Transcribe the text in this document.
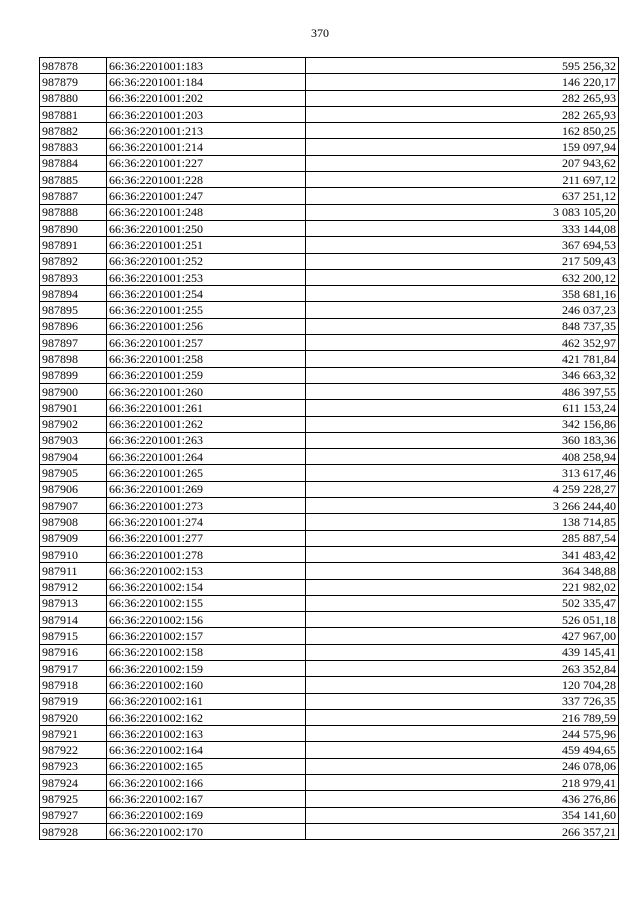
370
987878	66:36:2201001:183	595 256,32
987879	66:36:2201001:184	146 220,17
987880	66:36:2201001:202	282 265,93
987881	66:36:2201001:203	282 265,93
987882	66:36:2201001:213	162 850,25
987883	66:36:2201001:214	159 097,94
987884	66:36:2201001:227	207 943,62
987885	66:36:2201001:228	211 697,12
987887	66:36:2201001:247	637 251,12
987888	66:36:2201001:248	3 083 105,20
987890	66:36:2201001:250	333 144,08
987891	66:36:2201001:251	367 694,53
987892	66:36:2201001:252	217 509,43
987893	66:36:2201001:253	632 200,12
987894	66:36:2201001:254	358 681,16
987895	66:36:2201001:255	246 037,23
987896	66:36:2201001:256	848 737,35
987897	66:36:2201001:257	462 352,97
987898	66:36:2201001:258	421 781,84
987899	66:36:2201001:259	346 663,32
987900	66:36:2201001:260	486 397,55
987901	66:36:2201001:261	611 153,24
987902	66:36:2201001:262	342 156,86
987903	66:36:2201001:263	360 183,36
987904	66:36:2201001:264	408 258,94
987905	66:36:2201001:265	313 617,46
987906	66:36:2201001:269	4 259 228,27
987907	66:36:2201001:273	3 266 244,40
987908	66:36:2201001:274	138 714,85
987909	66:36:2201001:277	285 887,54
987910	66:36:2201001:278	341 483,42
987911	66:36:2201002:153	364 348,88
987912	66:36:2201002:154	221 982,02
987913	66:36:2201002:155	502 335,47
987914	66:36:2201002:156	526 051,18
987915	66:36:2201002:157	427 967,00
987916	66:36:2201002:158	439 145,41
987917	66:36:2201002:159	263 352,84
987918	66:36:2201002:160	120 704,28
987919	66:36:2201002:161	337 726,35
987920	66:36:2201002:162	216 789,59
987921	66:36:2201002:163	244 575,96
987922	66:36:2201002:164	459 494,65
987923	66:36:2201002:165	246 078,06
987924	66:36:2201002:166	218 979,41
987925	66:36:2201002:167	436 276,86
987927	66:36:2201002:169	354 141,60
987928	66:36:2201002:170	266 357,21
